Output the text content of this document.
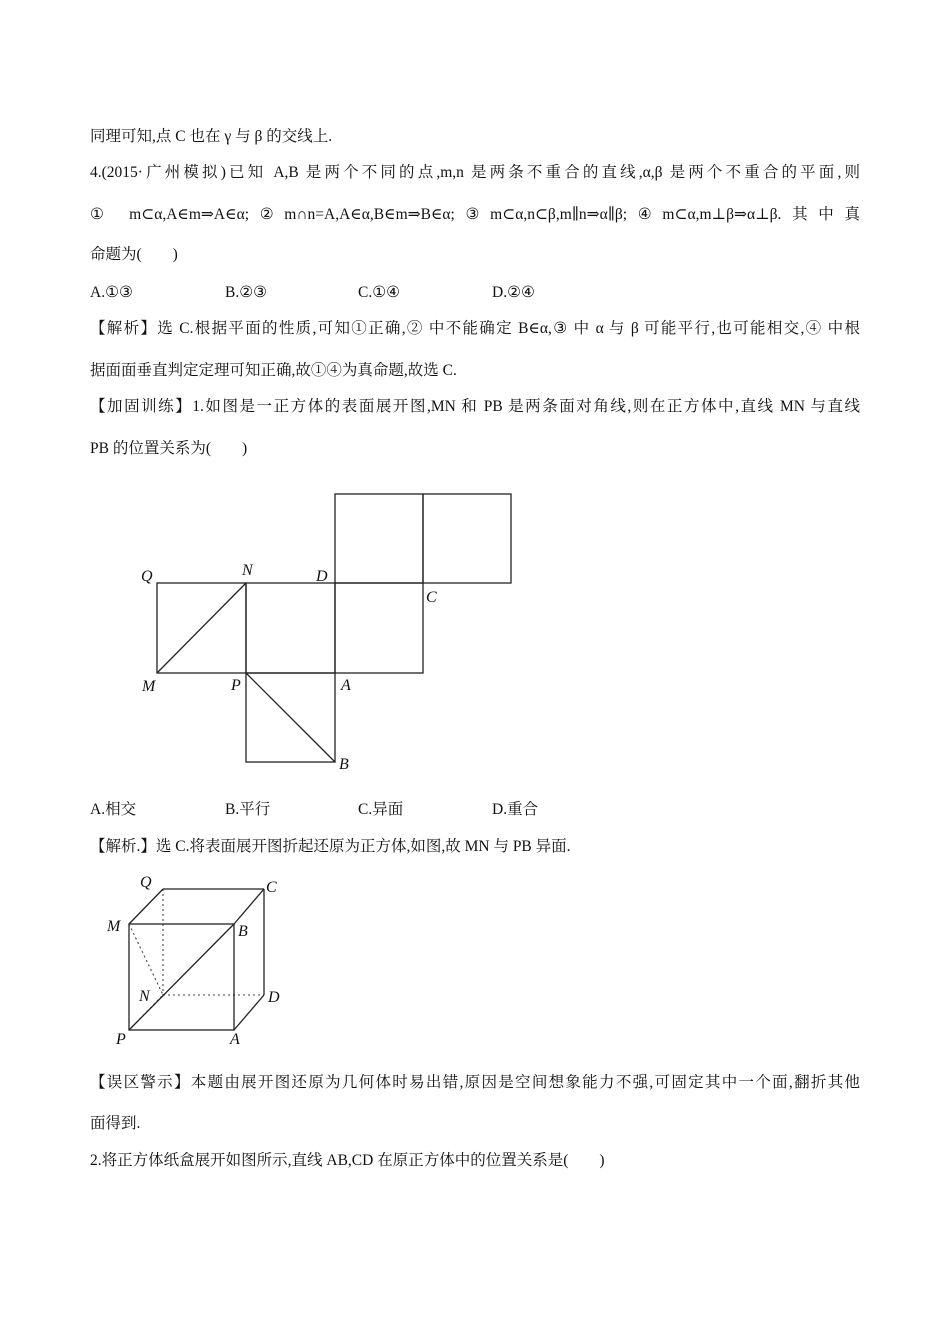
同理可知,点 C 也在 γ 与 β 的交线上.
4.(2015·广州模拟)已知 A,B 是两个不同的点,m,n 是两条不重合的直线,α,β 是两个不重合的平面,则
① m⊂α,A∈m⇒A∈α;②m∩n=A,A∈α,B∈m⇒B∈α;③m⊂α,n⊂β,m∥n⇒α∥β;④m⊂α,m⊥β⇒α⊥β.其中真
命题为(　　)
A.①③	B.②③	C.①④	D.②④
【解析】选 C.根据平面的性质,可知①正确,② 中不能确定 B∈α,③ 中 α 与 β 可能平行,也可能相交,④ 中根
据面面垂直判定定理可知正确,故①④为真命题,故选 C.
【加固训练】1.如图是一正方体的表面展开图,MN 和 PB 是两条面对角线,则在正方体中,直线 MN 与直线
PB 的位置关系为(　　)
Q	N	D
C
M	P	A
B
Q	C
M	B
N	D
P	A
A.相交	B.平行	C.异面	D.重合
【解析.】选 C.将表面展开图折起还原为正方体,如图,故 MN 与 PB 异面.
【误区警示】本题由展开图还原为几何体时易出错,原因是空间想象能力不强,可固定其中一个面,翻折其他
面得到.
2.将正方体纸盒展开如图所示,直线 AB,CD 在原正方体中的位置关系是(　　)
